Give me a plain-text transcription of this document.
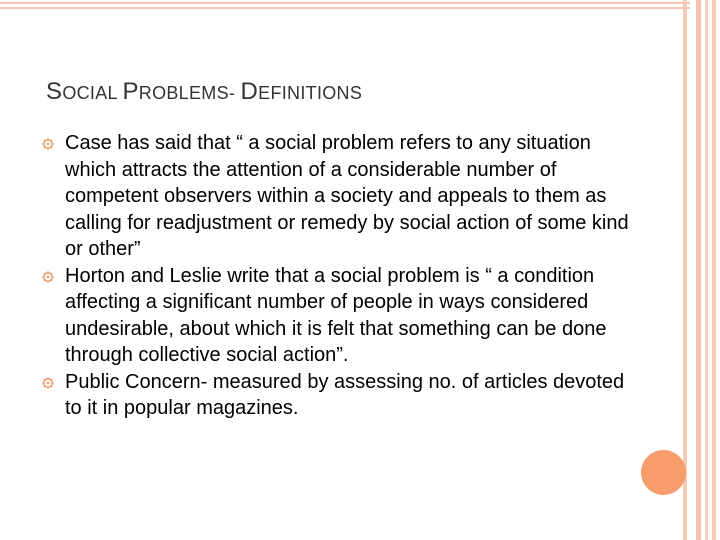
SOCIAL PROBLEMS- DEFINITIONS
Case has said that “ a social problem refers to any situation which attracts the attention of a considerable number of competent observers within a society and appeals to them as calling for readjustment or remedy by social action of some kind or other”
Horton and Leslie write that a social problem is “ a condition affecting a significant number of people in ways considered undesirable, about which it is felt that something can be done through collective social action”.
Public Concern- measured by assessing no. of articles devoted to it in popular magazines.
